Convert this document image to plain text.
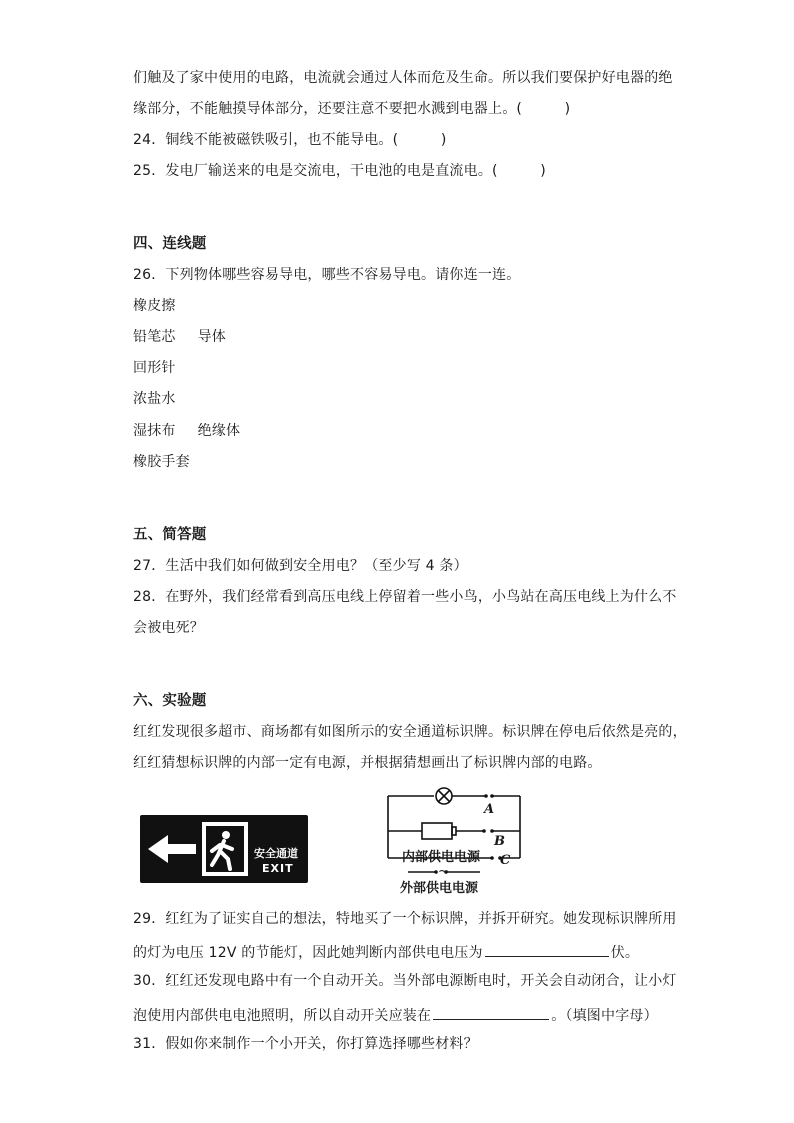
们触及了家中使用的电路，电流就会通过人体而危及生命。所以我们要保护好电器的绝
缘部分，不能触摸导体部分，还要注意不要把水溅到电器上。(　　　)
24．铜线不能被磁铁吸引，也不能导电。(　　　)
25．发电厂输送来的电是交流电，干电池的电是直流电。(　　　)
四、连线题
26．下列物体哪些容易导电，哪些不容易导电。请你连一连。
橡皮擦
铅笔芯 导体
回形针
浓盐水
湿抹布 绝缘体
橡胶手套
五、简答题
27．生活中我们如何做到安全用电？（至少写 4 条）
28．在野外，我们经常看到高压电线上停留着一些小鸟，小鸟站在高压电线上为什么不
会被电死？
六、实验题
红红发现很多超市、商场都有如图所示的安全通道标识牌。标识牌在停电后依然是亮的，
红红猜想标识牌的内部一定有电源，并根据猜想画出了标识牌内部的电路。
安全通道
EXIT
A
B
C
内部供电电源
~
外部供电电源
29．红红为了证实自己的想法，特地买了一个标识牌，并拆开研究。她发现标识牌所用
的灯为电压 12V 的节能灯，因此她判断内部供电电压为	伏。
30．红红还发现电路中有一个自动开关。当外部电源断电时，开关会自动闭合，让小灯
泡使用内部供电电池照明，所以自动开关应装在	。（填图中字母）
31．假如你来制作一个小开关，你打算选择哪些材料？
